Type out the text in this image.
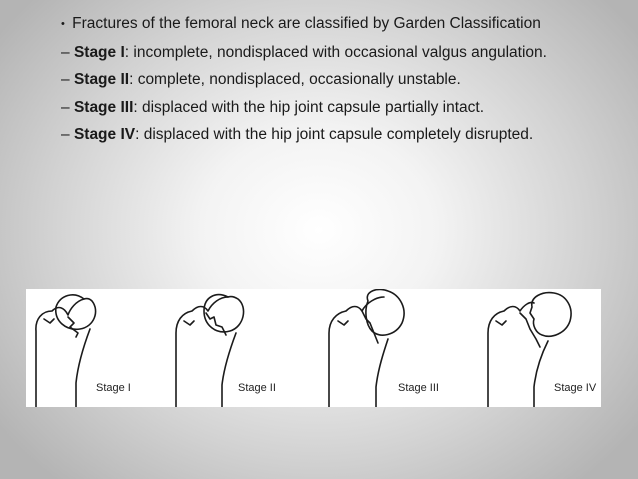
• Fractures of the femoral neck are classified by Garden Classification

– Stage I: incomplete, nondisplaced with occasional valgus angulation.

– Stage II: complete, nondisplaced, occasionally unstable.

– Stage III: displaced with the hip joint capsule partially intact.

– Stage IV: displaced with the hip joint capsule completely disrupted.

Stage I	Stage II	Stage III	Stage IV
